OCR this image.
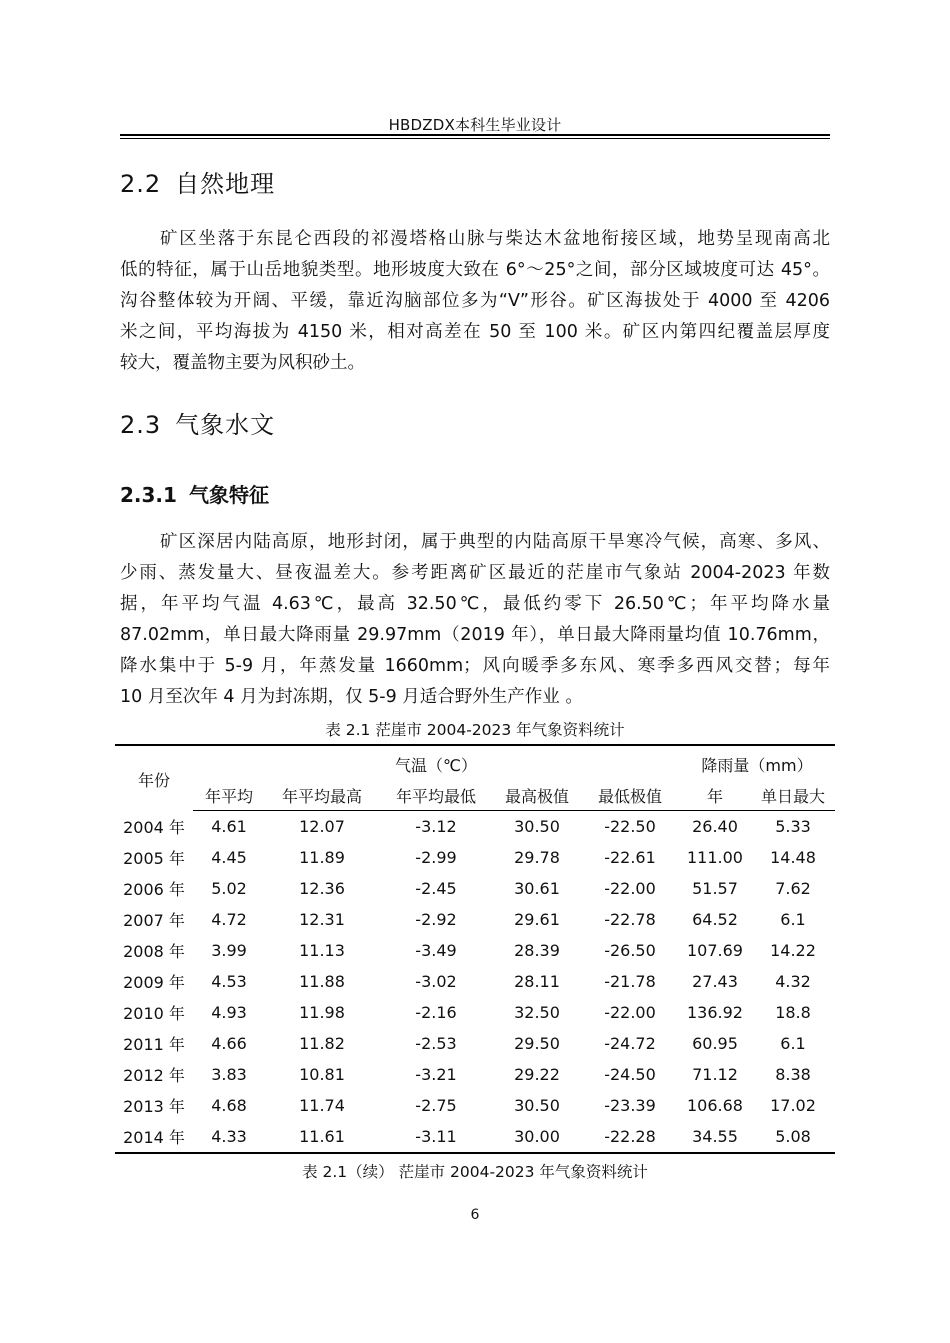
HBDZDX本科生毕业设计
2.2 自然地理
矿区坐落于东昆仑西段的祁漫塔格山脉与柴达木盆地衔接区域，地势呈现南高北
低的特征，属于山岳地貌类型。地形坡度大致在 6°～25°之间，部分区域坡度可达 45°。
沟谷整体较为开阔、平缓，靠近沟脑部位多为“V”形谷。矿区海拔处于 4000 至 4206
米之间，平均海拔为 4150 米，相对高差在 50 至 100 米。矿区内第四纪覆盖层厚度
较大，覆盖物主要为风积砂土。
2.3 气象水文
2.3.1 气象特征
矿区深居内陆高原，地形封闭，属于典型的内陆高原干旱寒冷气候，高寒、多风、
少雨、蒸发量大、昼夜温差大。参考距离矿区最近的茫崖市气象站 2004-2023 年数
据，年平均气温 4.63℃，最高 32.50℃，最低约零下 26.50℃；年平均降水量
87.02mm，单日最大降雨量 29.97mm（2019 年），单日最大降雨量均值 10.76mm，
降水集中于 5-9 月，年蒸发量 1660mm；风向暖季多东风、寒季多西风交替；每年
10 月至次年 4 月为封冻期，仅 5-9 月适合野外生产作业 。
表 2.1 茫崖市 2004-2023 年气象资料统计
年份	气温（℃）					降雨量（mm）	
	年平均	年平均最高	年平均最低	最高极值	最低极值	年	单日最大
2004 年	4.61	12.07	-3.12	30.50	-22.50	26.40	5.33
2005 年	4.45	11.89	-2.99	29.78	-22.61	111.00	14.48
2006 年	5.02	12.36	-2.45	30.61	-22.00	51.57	7.62
2007 年	4.72	12.31	-2.92	29.61	-22.78	64.52	6.1
2008 年	3.99	11.13	-3.49	28.39	-26.50	107.69	14.22
2009 年	4.53	11.88	-3.02	28.11	-21.78	27.43	4.32
2010 年	4.93	11.98	-2.16	32.50	-22.00	136.92	18.8
2011 年	4.66	11.82	-2.53	29.50	-24.72	60.95	6.1
2012 年	3.83	10.81	-3.21	29.22	-24.50	71.12	8.38
2013 年	4.68	11.74	-2.75	30.50	-23.39	106.68	17.02
2014 年	4.33	11.61	-3.11	30.00	-22.28	34.55	5.08
表 2.1（续） 茫崖市 2004-2023 年气象资料统计
6
